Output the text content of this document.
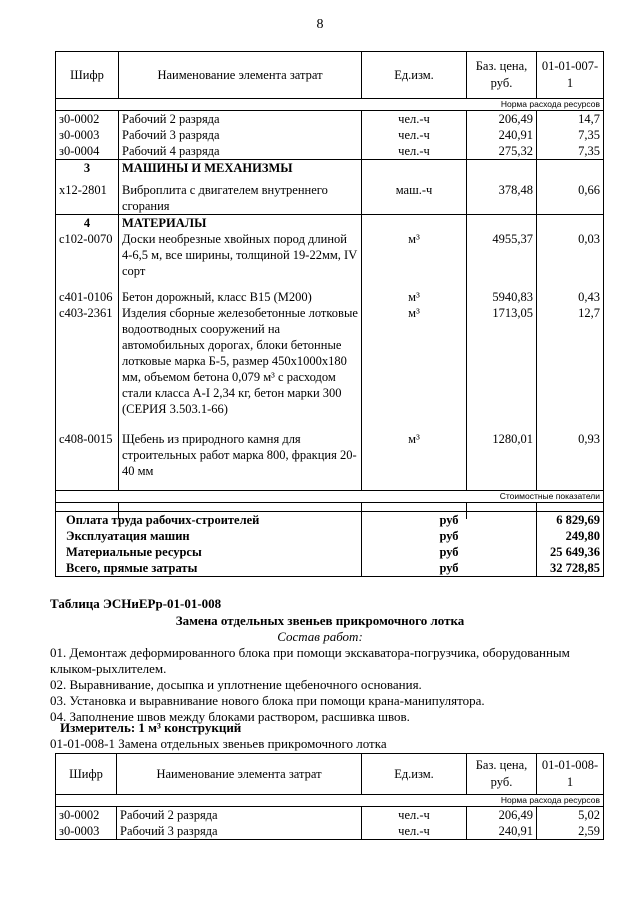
8
Шифр	Наименование элемента затрат	Ед.изм.	Баз. цена, руб.	01-01-007-1
Норма расхода ресурсов				
з0-0002	Рабочий 2 разряда	чел.-ч	206,49	14,7
з0-0003	Рабочий 3 разряда	чел.-ч	240,91	7,35
з0-0004	Рабочий 4 разряда	чел.-ч	275,32	7,35
3	МАШИНЫ И МЕХАНИЗМЫ			
х12-2801	Виброплита с двигателем внутреннего сгорания	маш.-ч	378,48	0,66
4	МАТЕРИАЛЫ			
с102-0070	Доски необрезные хвойных пород длиной 4-6,5 м, все ширины, толщиной 19-22мм, IV сорт	м³	4955,37	0,03
с401-0106	Бетон дорожный, класс В15 (М200)	м³	5940,83	0,43
с403-2361	Изделия сборные железобетонные лотковые водоотводных сооружений на автомобильных дорогах, блоки бетонные лотковые марка Б-5, размер 450х1000х180 мм, объемом бетона 0,079 м³ с расходом стали класса А-I 2,34 кг, бетон марки 300 (СЕРИЯ 3.503.1-66)	м³	1713,05	12,7
с408-0015	Щебень из природного камня для строительных работ марка 800, фракция 20-40 мм	м³	1280,01	0,93
Стоимостные показатели				

Оплата труда рабочих-строителей	руб	6 829,69
Эксплуатация машин	руб	249,80
Материальные ресурсы	руб	25 649,36
Всего, прямые затраты	руб	32 728,85
Таблица ЭСНиЕРр-01-01-008
Замена отдельных звеньев прикромочного лотка
Состав работ:
01. Демонтаж деформированного блока при помощи экскаватора-погрузчика, оборудованным
клыком-рыхлителем.
02. Выравнивание, досыпка и уплотнение щебеночного основания.
03. Установка и выравнивание нового блока при помощи крана-манипулятора.
04. Заполнение швов между блоками раствором, расшивка швов.
Измеритель: 1 м³ конструкций
01-01-008-1 Замена отдельных звеньев прикромочного лотка
Шифр	Наименование элемента затрат	Ед.изм.	Баз. цена, руб.	01-01-008-1
Норма расхода ресурсов				
з0-0002	Рабочий 2 разряда	чел.-ч	206,49	5,02
з0-0003	Рабочий 3 разряда	чел.-ч	240,91	2,59
